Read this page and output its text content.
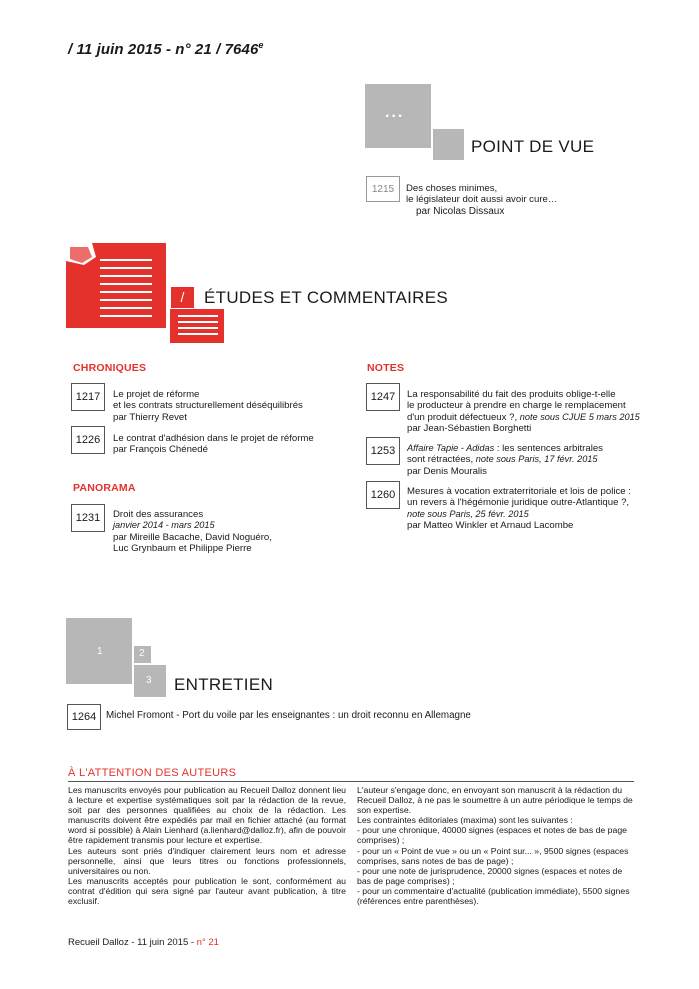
/ 11 juin 2015 - n° 21 / 7646e
...
POINT DE VUE
1215	Des choses minimes,
le législateur doit aussi avoir cure…
par Nicolas Dissaux
/	ÉTUDES ET COMMENTAIRES
CHRONIQUES
1217	Le projet de réforme
et les contrats structurellement déséquilibrés
par Thierry Revet
1226	Le contrat d'adhésion dans le projet de réforme
par François Chénedé
PANORAMA
1231	Droit des assurances
janvier 2014 - mars 2015
par Mireille Bacache, David Noguéro,
Luc Grynbaum et Philippe Pierre
NOTES
1247	La responsabilité du fait des produits oblige-t-elle
le producteur à prendre en charge le remplacement
d'un produit défectueux ?, note sous CJUE 5 mars 2015
par Jean-Sébastien Borghetti
1253	Affaire Tapie - Adidas : les sentences arbitrales
sont rétractées, note sous Paris, 17 févr. 2015
par Denis Mouralis
1260	Mesures à vocation extraterritoriale et lois de police :
un revers à l'hégémonie juridique outre-Atlantique ?,
note sous Paris, 25 févr. 2015
par Matteo Winkler et Arnaud Lacombe
1	2
3 ENTRETIEN
1264 Michel Fromont - Port du voile par les enseignantes : un droit reconnu en Allemagne
À L'ATTENTION DES AUTEURS

Les manuscrits envoyés pour publication au Recueil Dalloz donnent lieu à lecture et expertise systématiques soit par la rédaction de la revue, soit par des personnes qualifiées au choix de la rédaction. Les manuscrits doivent être expédiés par mail en fichier attaché (au format word si possible) à Alain Lienhard (a.lienhard@dalloz.fr), afin de pouvoir être rapidement transmis pour lecture et expertise.

Les auteurs sont priés d'indiquer clairement leurs nom et adresse personnelle, ainsi que leurs titres ou fonctions professionnels, universitaires ou non.

Les manuscrits acceptés pour publication le sont, conformément au contrat d'édition qui sera signé par l'auteur avant publication, à titre exclusif.

L'auteur s'engage donc, en envoyant son manuscrit à la rédaction du Recueil Dalloz, à ne pas le soumettre à un autre périodique le temps de son expertise.

Les contraintes éditoriales (maxima) sont les suivantes :

- pour une chronique, 40000 signes (espaces et notes de bas de page comprises) ;

- pour un « Point de vue » ou un « Point sur... », 9500 signes (espaces comprises, sans notes de bas de page) ;

- pour une note de jurisprudence, 20000 signes (espaces et notes de bas de page comprises) ;

- pour un commentaire d'actualité (publication immédiate), 5500 signes (références entre parenthèses).

Recueil Dalloz - 11 juin 2015 - n° 21
